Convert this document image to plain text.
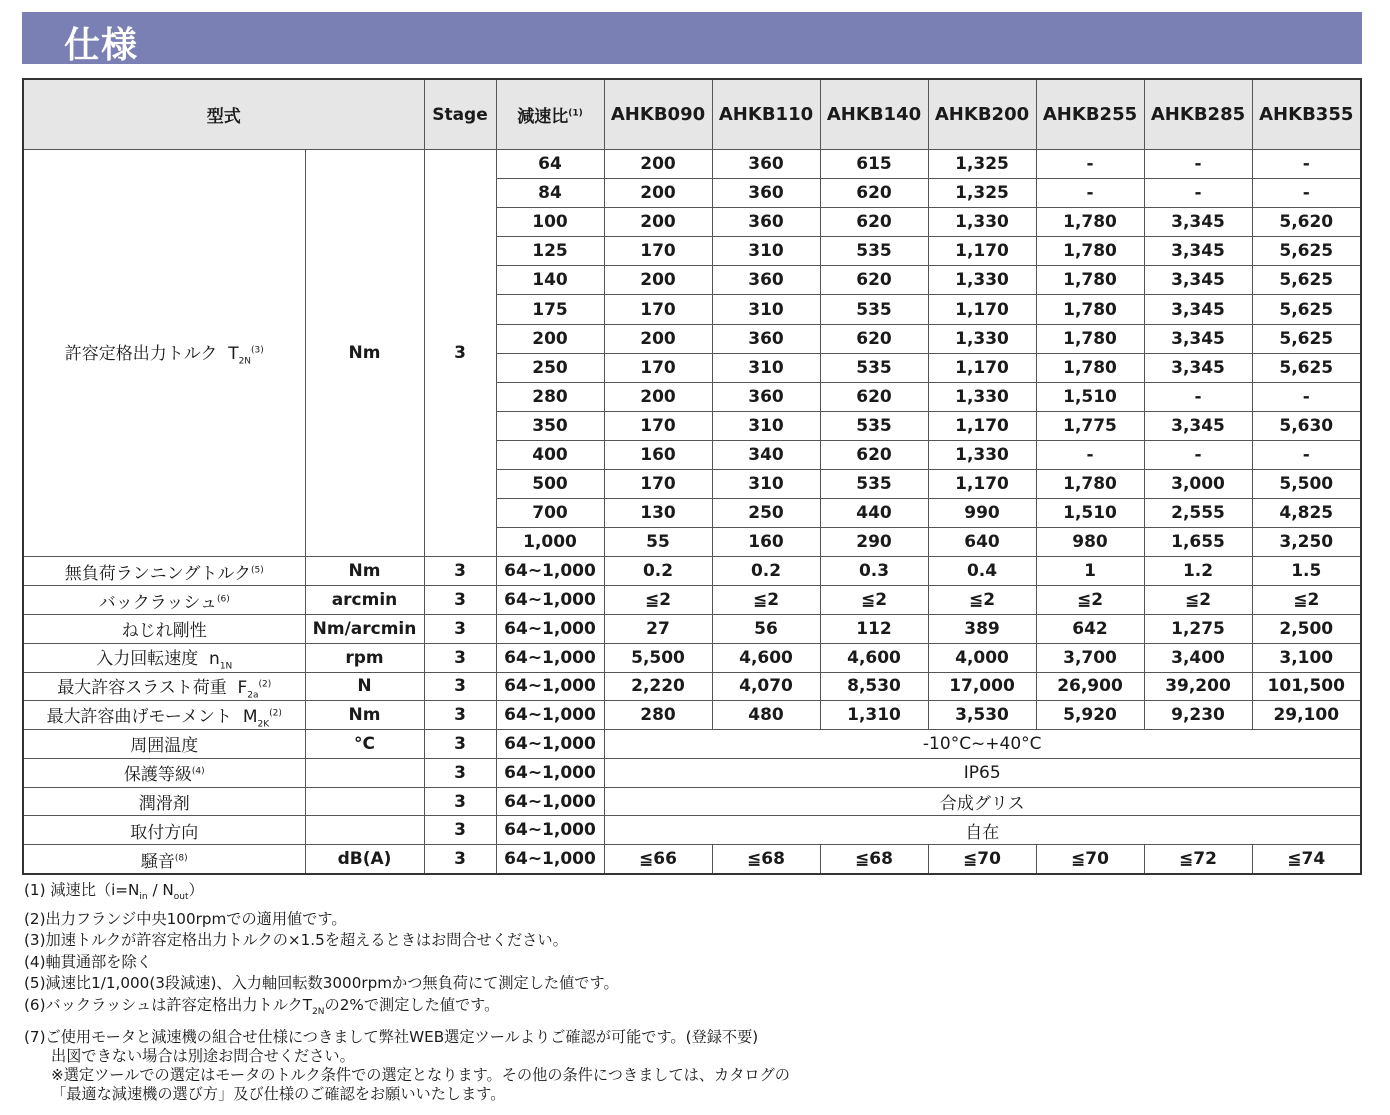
仕様
型式		Stage	減速比$^{(1)}$	AHKB090	AHKB110	AHKB140	AHKB200	AHKB255	AHKB285	AHKB355
許容定格出力トルク $T_{2N}^{(3)}$	Nm	3	64	200	360	615	1,325	-	-	-
			84	200	360	620	1,325	-	-	-
			100	200	360	620	1,330	1,780	3,345	5,620
			125	170	310	535	1,170	1,780	3,345	5,625
			140	200	360	620	1,330	1,780	3,345	5,625
			175	170	310	535	1,170	1,780	3,345	5,625
			200	200	360	620	1,330	1,780	3,345	5,625
			250	170	310	535	1,170	1,780	3,345	5,625
			280	200	360	620	1,330	1,510	-	-
			350	170	310	535	1,170	1,775	3,345	5,630
			400	160	340	620	1,330	-	-	-
			500	170	310	535	1,170	1,780	3,000	5,500
			700	130	250	440	990	1,510	2,555	4,825
			1,000	55	160	290	640	980	1,655	3,250
無負荷ランニングトルク$^{(5)}$	Nm	3	64~1,000	0.2	0.2	0.3	0.4	1	1.2	1.5
バックラッシュ$^{(6)}$	arcmin	3	64~1,000	≦2	≦2	≦2	≦2	≦2	≦2	≦2
ねじれ剛性	Nm/arcmin	3	64~1,000	27	56	112	389	642	1,275	2,500
入力回転速度 $n_{1N}$	rpm	3	64~1,000	5,500	4,600	4,600	4,000	3,700	3,400	3,100
最大許容スラスト荷重 $F_{2a}^{(2)}$	N	3	64~1,000	2,220	4,070	8,530	17,000	26,900	39,200	101,500
最大許容曲げモーメント $M_{2K}^{(2)}$	Nm	3	64~1,000	280	480	1,310	3,530	5,920	9,230	29,100
周囲温度	°C	3	64~1,000	-10°C~+40°C						
保護等級$^{(4)}$		3	64~1,000	IP65						
潤滑剤		3	64~1,000	合成グリス						
取付方向		3	64~1,000	自在						
騒音$^{(8)}$	dB(A)	3	64~1,000	≦66	≦68	≦68	≦70	≦70	≦72	≦74
(1) 減速比$(i=N_{in} / N_{out})$
(2)出力フランジ中央100rpmでの適用値です。
(3)加速トルクが許容定格出力トルクの×1.5を超えるときはお問合せください。
(4)軸貫通部を除く
(5)減速比1/1,000(3段減速)、入力軸回転数3000rpmかつ無負荷にて測定した値です。
(6)バックラッシュは許容定格出力トルク$T_{2N}$の2%で測定した値です。
(7)ご使用モータと減速機の組合せ仕様につきまして弊社WEB選定ツールよりご確認が可能です。(登録不要)
出図できない場合は別途お問合せください。
※選定ツールでの選定はモータのトルク条件での選定となります。その他の条件につきましては、カタログの
「最適な減速機の選び方」及び仕様のご確認をお願いいたします。
